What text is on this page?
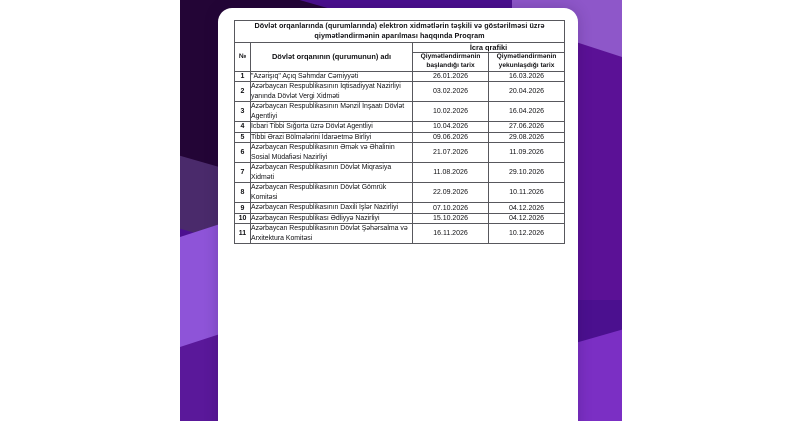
Dövlət orqanlarında (qurumlarında) elektron xidmətlərin təşkili və göstərilməsi üzrə qiymətləndirmənin aparılması haqqında Proqram			
№	Dövlət orqanının (qurumunun) adı	İcra qrafiki	
		Qiymətləndirmənin başlandığı tarix	Qiymətləndirmənin yekunlaşdığı tarix
1	"Azərişıq" Açıq Səhmdar Cəmiyyəti	26.01.2026	16.03.2026
2	Azərbaycan Respublikasının İqtisadiyyat Nazirliyi yanında Dövlət Vergi Xidməti	03.02.2026	20.04.2026
3	Azərbaycan Respublikasının Mənzil İnşaatı Dövlət Agentliyi	10.02.2026	16.04.2026
4	İcbari Tibbi Sığorta üzrə Dövlət Agentliyi	10.04.2026	27.06.2026
5	Tibbi Ərazi Bölmələrini İdarəetmə Birliyi	09.06.2026	29.08.2026
6	Azərbaycan Respublikasının Əmək və Əhalinin Sosial Müdafiəsi Nazirliyi	21.07.2026	11.09.2026
7	Azərbaycan Respublikasının Dövlət Miqrasiya Xidməti	11.08.2026	29.10.2026
8	Azərbaycan Respublikasının Dövlət Gömrük Komitəsi	22.09.2026	10.11.2026
9	Azərbaycan Respublikasının Daxili İşlər Nazirliyi	07.10.2026	04.12.2026
10	Azərbaycan Respublikası Ədliyyə Nazirliyi	15.10.2026	04.12.2026
11	Azərbaycan Respublikasının Dövlət Şəhərsalma və Arxitektura Komitəsi	16.11.2026	10.12.2026
